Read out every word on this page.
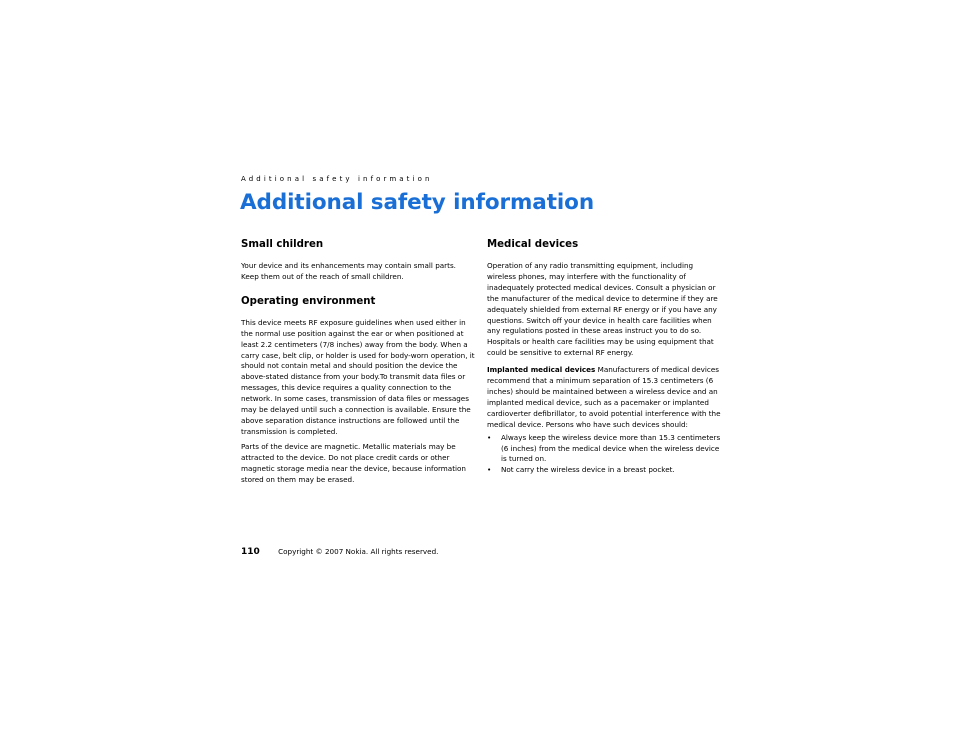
Additional safety information
Additional safety information
Small children

Your device and its enhancements may contain small parts. Keep them out of the reach of small children.

Operating environment

This device meets RF exposure guidelines when used either in the normal use position against the ear or when positioned at least 2.2 centimeters (7/8 inches) away from the body. When a carry case, belt clip, or holder is used for body-worn operation, it should not contain metal and should position the device the above-stated distance from your body.To transmit data files or messages, this device requires a quality connection to the network. In some cases, transmission of data files or messages may be delayed until such a connection is available. Ensure the above separation distance instructions are followed until the transmission is completed.

Parts of the device are magnetic. Metallic materials may be attracted to the device. Do not place credit cards or other magnetic storage media near the device, because information stored on them may be erased.

Medical devices

Operation of any radio transmitting equipment, including wireless phones, may interfere with the functionality of inadequately protected medical devices. Consult a physician or the manufacturer of the medical device to determine if they are adequately shielded from external RF energy or if you have any questions. Switch off your device in health care facilities when any regulations posted in these areas instruct you to do so. Hospitals or health care facilities may be using equipment that could be sensitive to external RF energy.

Implanted medical devices Manufacturers of medical devices recommend that a minimum separation of 15.3 centimeters (6 inches) should be maintained between a wireless device and an implanted medical device, such as a pacemaker or implanted cardioverter defibrillator, to avoid potential interference with the medical device. Persons who have such devices should:

• Always keep the wireless device more than 15.3 centimeters (6 inches) from the medical device when the wireless device is turned on.
• Not carry the wireless device in a breast pocket.
110	Copyright © 2007 Nokia. All rights reserved.
